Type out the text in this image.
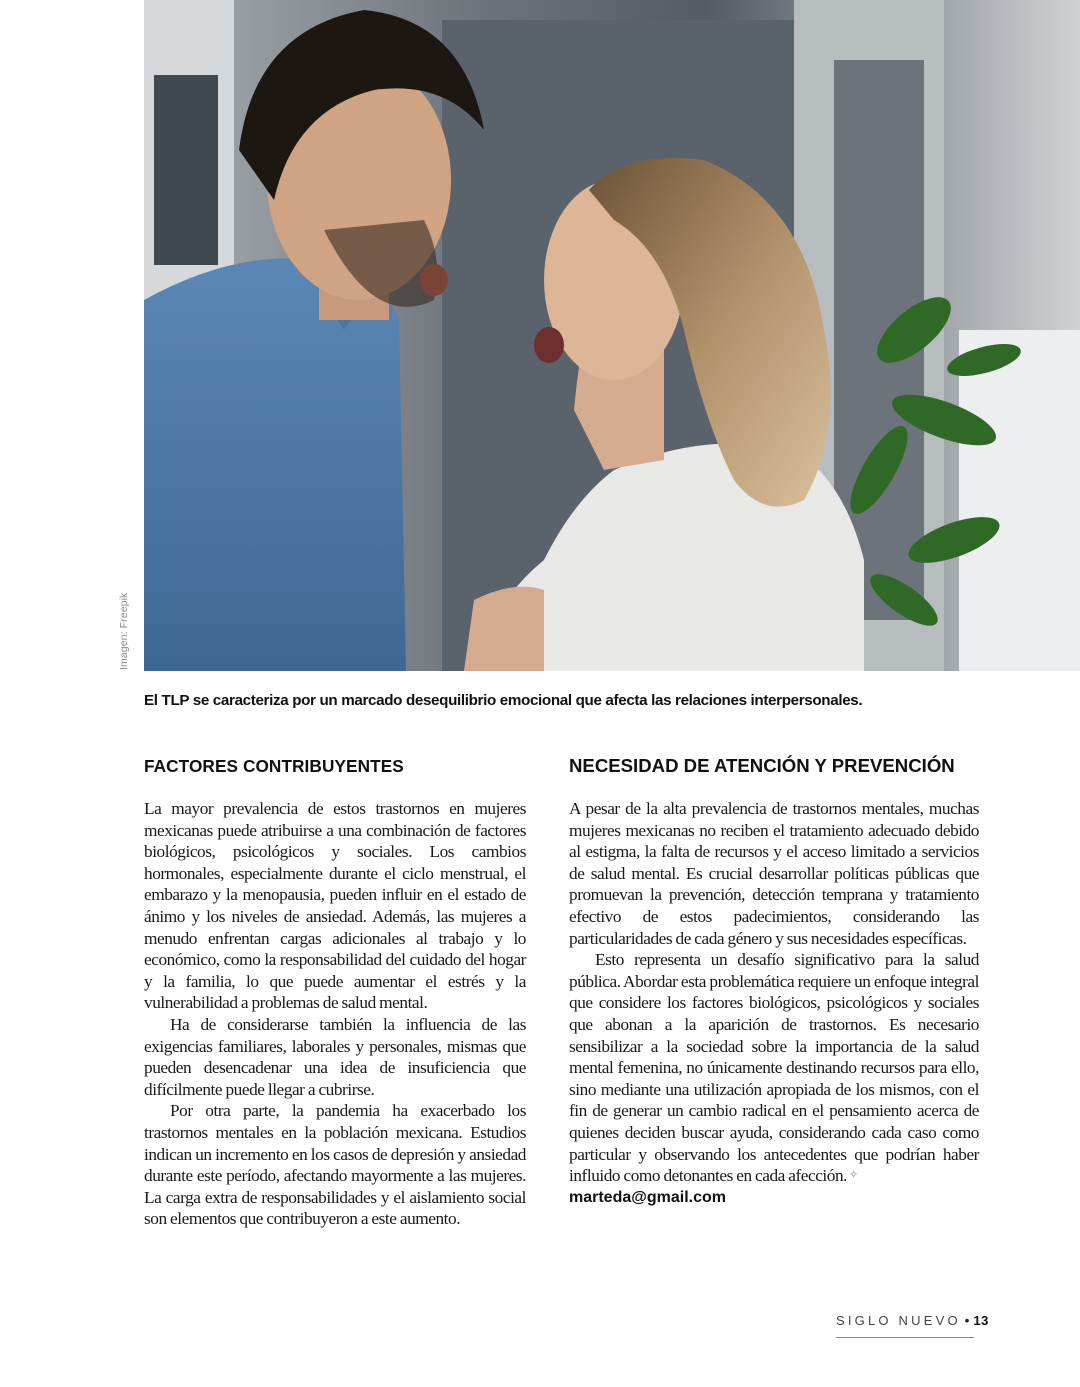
Imagen: Freepik
El TLP se caracteriza por un marcado desequilibrio emocional que afecta las relaciones interpersonales.
FACTORES CONTRIBUYENTES

La mayor prevalencia de estos trastornos en mujeres mexicanas puede atribuirse a una combinación de factores biológicos, psicológicos y sociales. Los cambios hormonales, especialmente durante el ciclo menstrual, el embarazo y la menopausia, pueden influir en el estado de ánimo y los niveles de ansiedad. Además, las mujeres a menudo enfrentan cargas adicionales al trabajo y lo económico, como la responsabilidad del cuidado del hogar y la familia, lo que puede aumentar el estrés y la vulnerabilidad a problemas de salud mental.

Ha de considerarse también la influencia de las exigencias familiares, laborales y personales, mismas que pueden desencadenar una idea de insuficiencia que difícilmente puede llegar a cubrirse.

Por otra parte, la pandemia ha exacerbado los trastornos mentales en la población mexicana. Estudios indican un incremento en los casos de depresión y ansiedad durante este período, afectando mayormente a las mujeres. La carga extra de responsabilidades y el aislamiento social son elementos que contribuyeron a este aumento.

NECESIDAD DE ATENCIÓN Y PREVENCIÓN

A pesar de la alta prevalencia de trastornos mentales, muchas mujeres mexicanas no reciben el tratamiento adecuado debido al estigma, la falta de recursos y el acceso limitado a servicios de salud mental. Es crucial desarrollar políticas públicas que promuevan la prevención, detección temprana y tratamiento efectivo de estos padecimientos, considerando las particularidades de cada género y sus necesidades específicas.

Esto representa un desafío significativo para la salud pública. Abordar esta problemática requiere un enfoque integral que considere los factores biológicos, psicológicos y sociales que abonan a la aparición de trastornos. Es necesario sensibilizar a la sociedad sobre la importancia de la salud mental femenina, no únicamente destinando recursos para ello, sino mediante una utilización apropiada de los mismos, con el fin de generar un cambio radical en el pensamiento acerca de quienes deciden buscar ayuda, considerando cada caso como particular y observando los antecedentes que podrían haber influido como detonantes en cada afección. ✧

marteda@gmail.com

SIGLO NUEVO • 13
